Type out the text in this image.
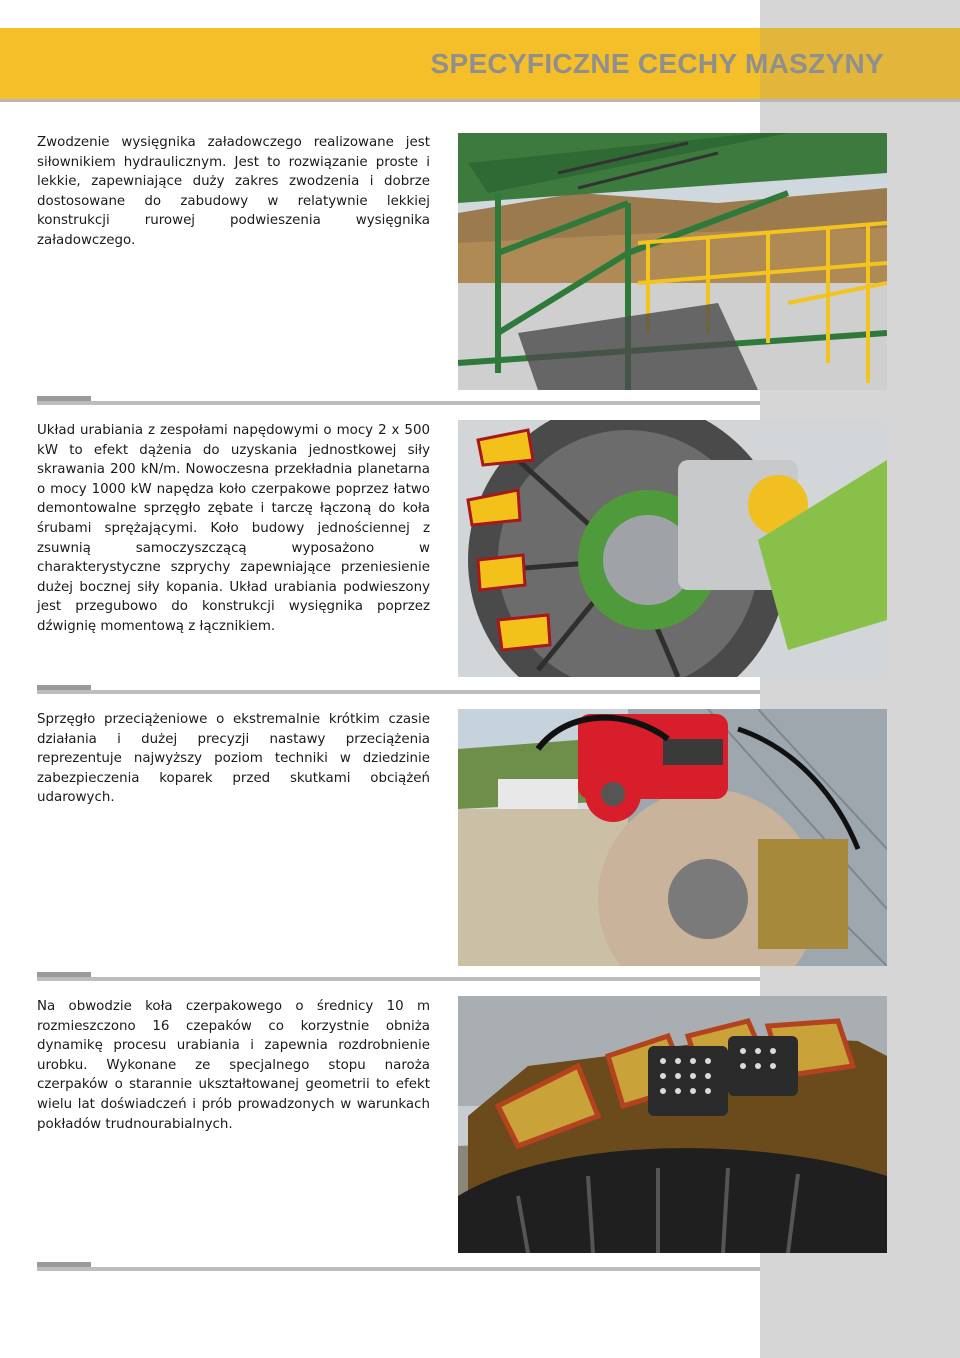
SPECYFICZNE CECHY MASZYNY

Zwodzenie wysięgnika załadowczego realizowane jest siłownikiem hydraulicznym. Jest to rozwiązanie proste i lekkie, zapewniające duży zakres zwodzenia i dobrze dostosowane do zabudowy w relatywnie lekkiej konstrukcji rurowej podwieszenia wysięgnika załadowczego.

Układ urabiania z zespołami napędowymi o mocy 2 x 500 kW to efekt dążenia do uzyskania jednostkowej siły skrawania 200 kN/m. Nowoczesna przekładnia planetarna o mocy 1000 kW napędza koło czerpakowe poprzez łatwo demontowalne sprzęgło zębate i tarczę łączoną do koła śrubami sprężającymi. Koło budowy jednościennej z zsuwnią samoczyszczącą wyposażono w charakterystyczne szprychy zapewniające przeniesienie dużej bocznej siły kopania. Układ urabiania podwieszony jest przegubowo do konstrukcji wysięgnika poprzez dźwignię momentową z łącznikiem.

Sprzęgło przeciążeniowe o ekstremalnie krótkim czasie działania i dużej precyzji nastawy przeciążenia reprezentuje najwyższy poziom techniki w dziedzinie zabezpieczenia koparek przed skutkami obciążeń udarowych.

Na obwodzie koła czerpakowego o średnicy 10 m rozmieszczono 16 czepaków co korzystnie obniża dynamikę procesu urabiania i zapewnia rozdrobnienie urobku. Wykonane ze specjalnego stopu naroża czerpaków o starannie ukształtowanej geometrii to efekt wielu lat doświadczeń i prób prowadzonych w warunkach pokładów trudnourabialnych.
